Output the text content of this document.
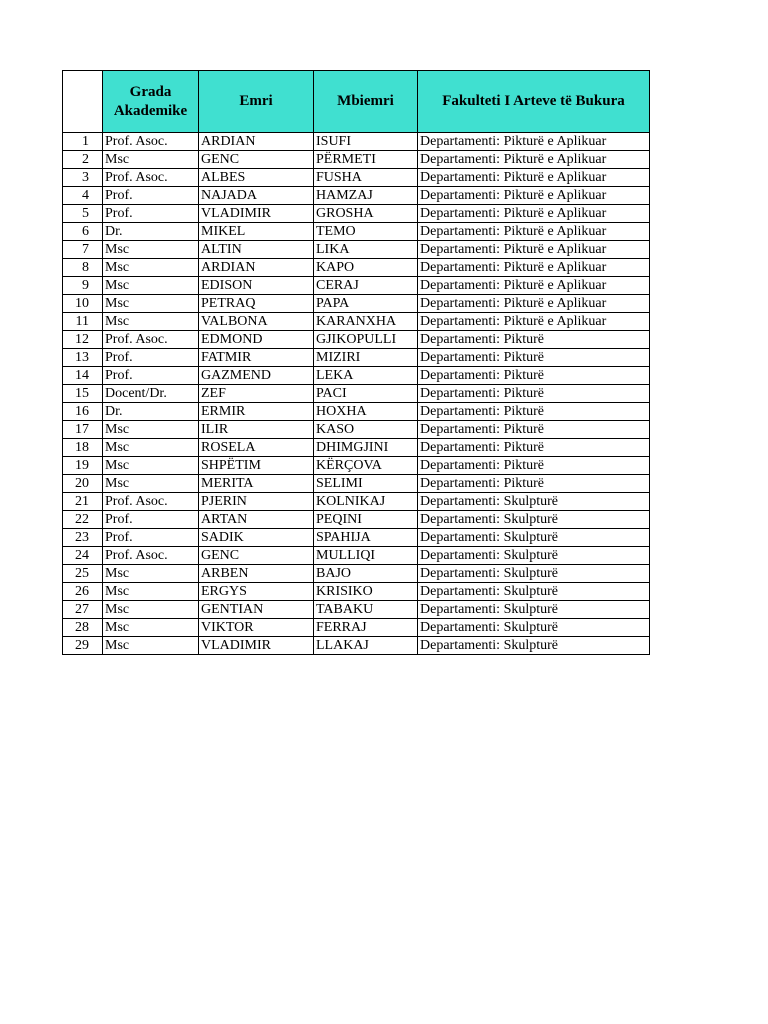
	Grada Akademike	Emri	Mbiemri	Fakulteti I Arteve të Bukura
1	Prof. Asoc.	ARDIAN	ISUFI	Departamenti: Pikturë e Aplikuar
2	Msc	GENC	PËRMETI	Departamenti: Pikturë e Aplikuar
3	Prof. Asoc.	ALBES	FUSHA	Departamenti: Pikturë e Aplikuar
4	Prof.	NAJADA	HAMZAJ	Departamenti: Pikturë e Aplikuar
5	Prof.	VLADIMIR	GROSHA	Departamenti: Pikturë e Aplikuar
6	Dr.	MIKEL	TEMO	Departamenti: Pikturë e Aplikuar
7	Msc	ALTIN	LIKA	Departamenti: Pikturë e Aplikuar
8	Msc	ARDIAN	KAPO	Departamenti: Pikturë e Aplikuar
9	Msc	EDISON	CERAJ	Departamenti: Pikturë e Aplikuar
10	Msc	PETRAQ	PAPA	Departamenti: Pikturë e Aplikuar
11	Msc	VALBONA	KARANXHA	Departamenti: Pikturë e Aplikuar
12	Prof. Asoc.	EDMOND	GJIKOPULLI	Departamenti: Pikturë
13	Prof.	FATMIR	MIZIRI	Departamenti: Pikturë
14	Prof.	GAZMEND	LEKA	Departamenti: Pikturë
15	Docent/Dr.	ZEF	PACI	Departamenti: Pikturë
16	Dr.	ERMIR	HOXHA	Departamenti: Pikturë
17	Msc	ILIR	KASO	Departamenti: Pikturë
18	Msc	ROSELA	DHIMGJINI	Departamenti: Pikturë
19	Msc	SHPËTIM	KËRÇOVA	Departamenti: Pikturë
20	Msc	MERITA	SELIMI	Departamenti: Pikturë
21	Prof. Asoc.	PJERIN	KOLNIKAJ	Departamenti: Skulpturë
22	Prof.	ARTAN	PEQINI	Departamenti: Skulpturë
23	Prof.	SADIK	SPAHIJA	Departamenti: Skulpturë
24	Prof. Asoc.	GENC	MULLIQI	Departamenti: Skulpturë
25	Msc	ARBEN	BAJO	Departamenti: Skulpturë
26	Msc	ERGYS	KRISIKO	Departamenti: Skulpturë
27	Msc	GENTIAN	TABAKU	Departamenti: Skulpturë
28	Msc	VIKTOR	FERRAJ	Departamenti: Skulpturë
29	Msc	VLADIMIR	LLAKAJ	Departamenti: Skulpturë
